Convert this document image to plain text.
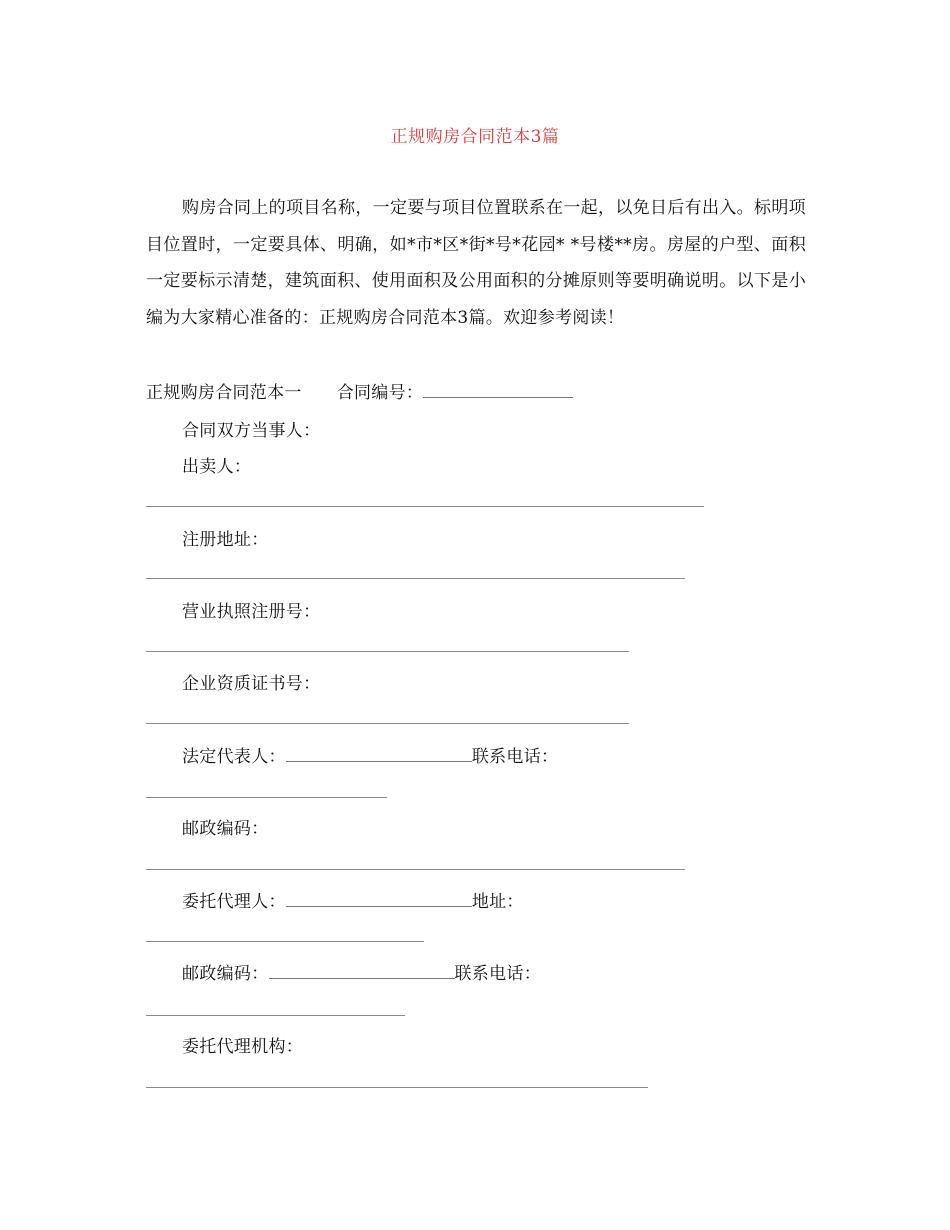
正规购房合同范本3篇
购房合同上的项目名称，一定要与项目位置联系在一起，以免日后有出入。标明项目位置时，一定要具体、明确，如*市*区*街*号*花园* *号楼**房。房屋的户型、面积一定要标示清楚，建筑面积、使用面积及公用面积的分摊原则等要明确说明。以下是小编为大家精心准备的：正规购房合同范本3篇。欢迎参考阅读！
正规购房合同范本一 合同编号：
合同双方当事人：
出卖人：
注册地址：
营业执照注册号：
企业资质证书号：
法定代表人：	联系电话：
邮政编码：
委托代理人：	地址：
邮政编码：	联系电话：
委托代理机构：
